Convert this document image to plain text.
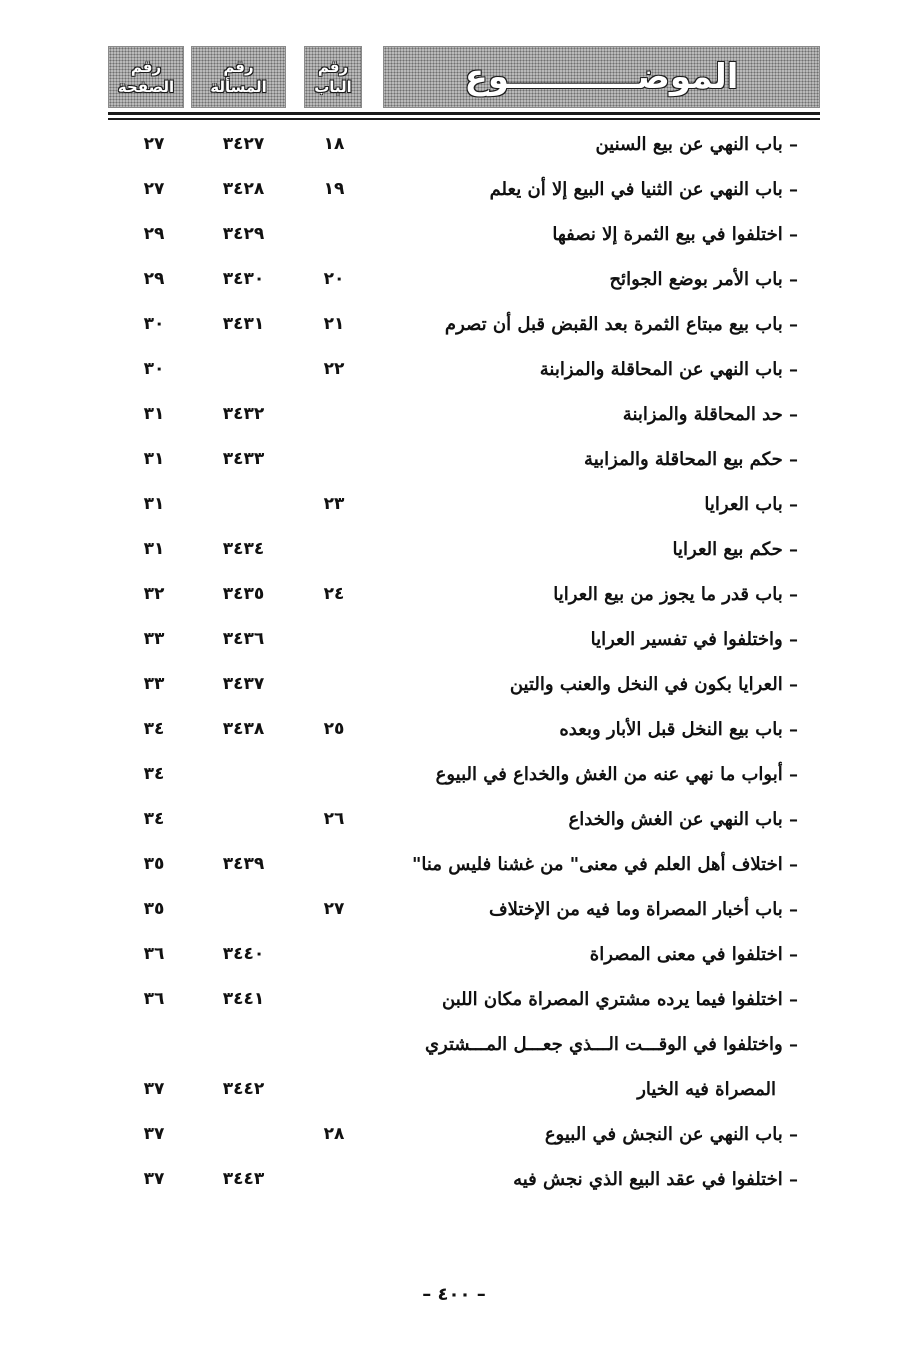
الموضـــــــــــوع
رقم
الباب
رقم
المسألة
رقم
الصفحة
– باب النهي عن بيع السنين
١٨
٣٤٢٧
٢٧
– باب النهي عن الثنيا في البيع إلا أن يعلم
١٩
٣٤٢٨
٢٧
– اختلفوا في بيع الثمرة إلا نصفها
٣٤٢٩
٢٩
– باب الأمر بوضع الجوائح
٢٠
٣٤٣٠
٢٩
– باب بيع مبتاع الثمرة بعد القبض قبل أن تصرم
٢١
٣٤٣١
٣٠
– باب النهي عن المحاقلة والمزابنة
٢٢
٣٠
– حد المحاقلة والمزابنة
٣٤٣٢
٣١
– حكم بيع المحاقلة والمزابية
٣٤٣٣
٣١
– باب العرايا
٢٣
٣١
– حكم بيع العرايا
٣٤٣٤
٣١
– باب قدر ما يجوز من بيع العرايا
٢٤
٣٤٣٥
٣٢
– واختلفوا في تفسير العرايا
٣٤٣٦
٣٣
– العرايا بكون في النخل والعنب والتين
٣٤٣٧
٣٣
– باب بيع النخل قبل الأبار وبعده
٢٥
٣٤٣٨
٣٤
– أبواب ما نهي عنه من الغش والخداع في البيوع
٣٤
– باب النهي عن الغش والخداع
٢٦
٣٤
– اختلاف أهل العلم في معنى" من غشنا فليس منا"
٣٤٣٩
٣٥
– باب أخبار المصراة وما فيه من الإختلاف
٢٧
٣٥
– اختلفوا في معنى المصراة
٣٤٤٠
٣٦
– اختلفوا فيما يرده مشتري المصراة مكان اللبن
٣٤٤١
٣٦
– واختلفوا في الوقـــت الـــذي جعـــل المـــشتري
المصراة فيه الخيار
٣٤٤٢
٣٧
– باب النهي عن النجش في البيوع
٢٨
٣٧
– اختلفوا في عقد البيع الذي نجش فيه
٣٤٤٣
٣٧
– ٤٠٠ –
